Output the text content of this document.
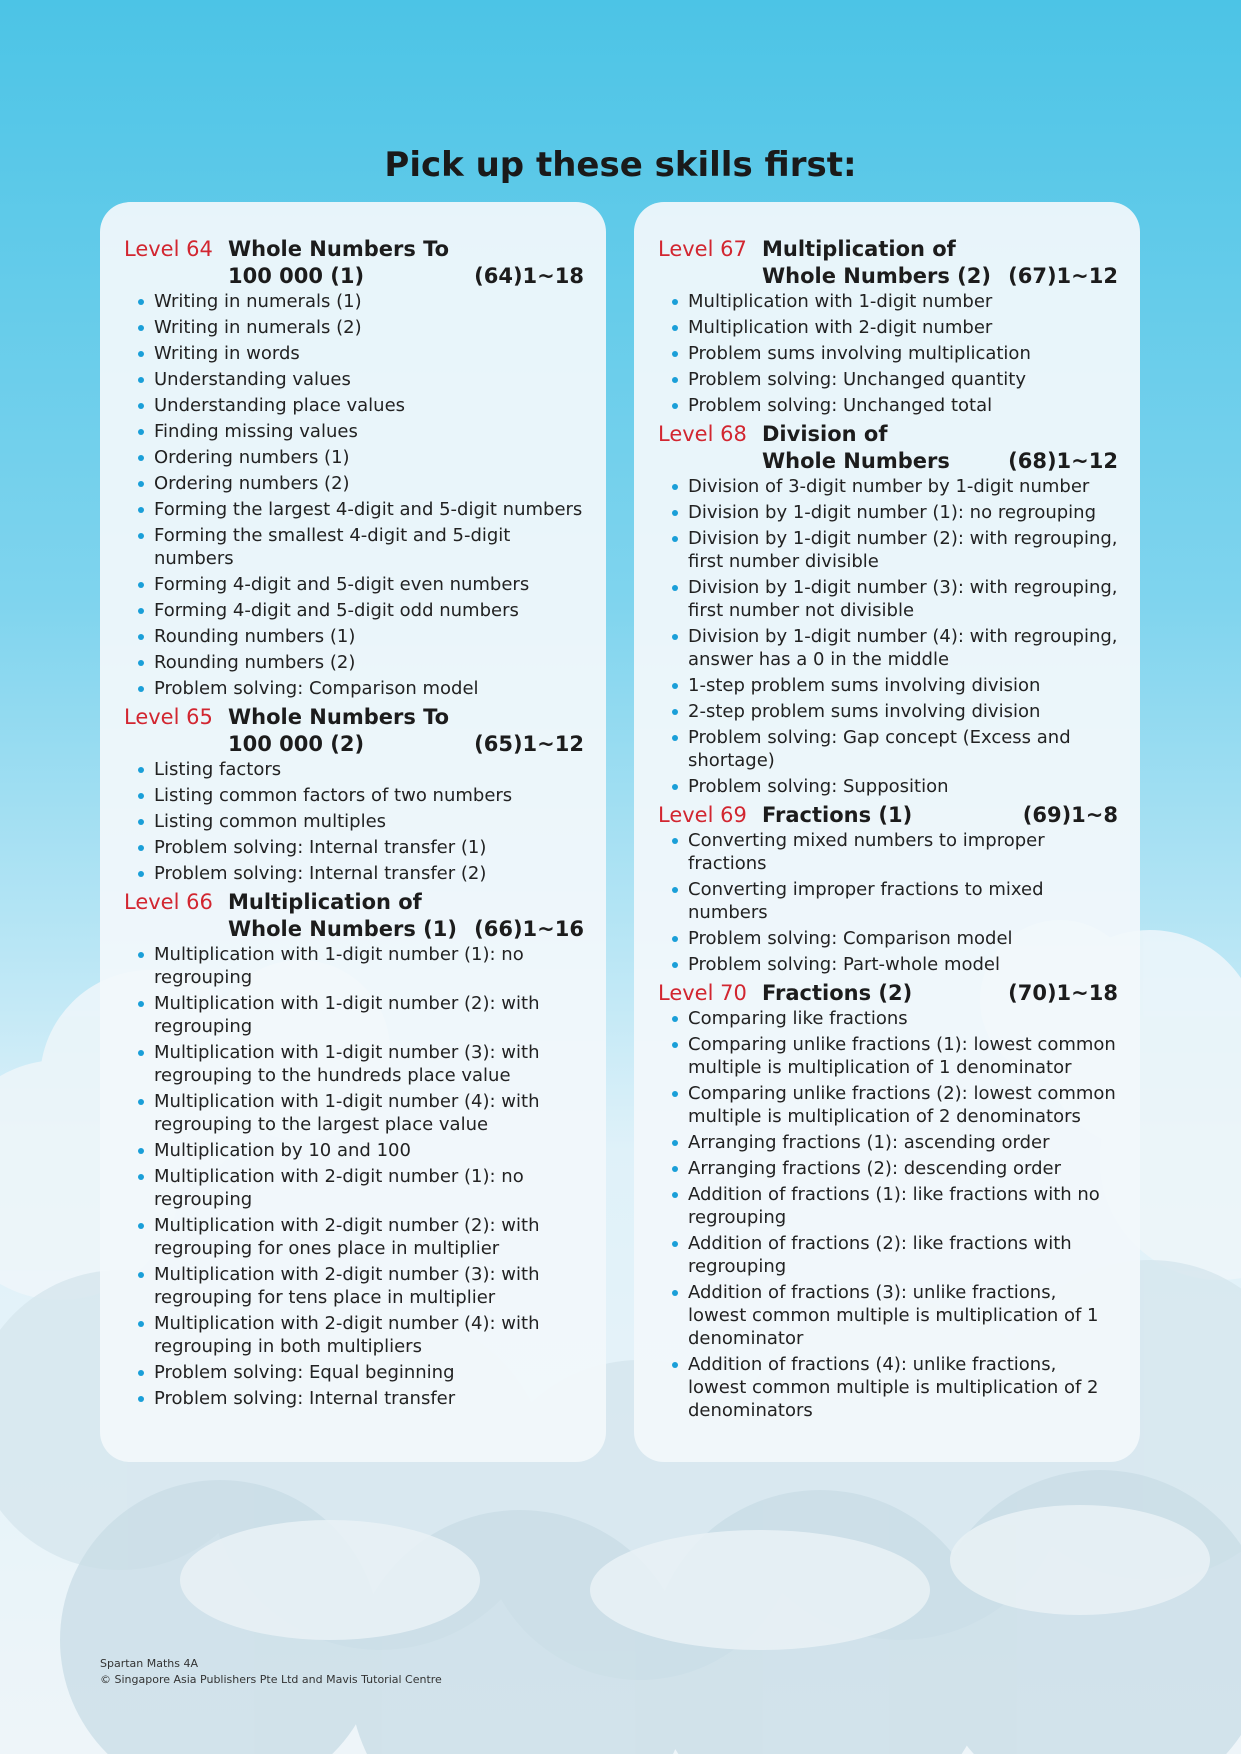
Pick up these skills first:
Level 64 Whole Numbers To
100 000 (1)	(64)1~18
Writing in numerals (1)
Writing in numerals (2)
Writing in words
Understanding values
Understanding place values
Finding missing values
Ordering numbers (1)
Ordering numbers (2)
Forming the largest 4-digit and 5-digit numbers
Forming the smallest 4-digit and 5-digit numbers
Forming 4-digit and 5-digit even numbers
Forming 4-digit and 5-digit odd numbers
Rounding numbers (1)
Rounding numbers (2)
Problem solving: Comparison model
Level 65 Whole Numbers To
100 000 (2)	(65)1~12
Listing factors
Listing common factors of two numbers
Listing common multiples
Problem solving: Internal transfer (1)
Problem solving: Internal transfer (2)
Level 66 Multiplication of
Whole Numbers (1) (66)1~16
Multiplication with 1-digit number (1): no regrouping
Multiplication with 1-digit number (2): with regrouping
Multiplication with 1-digit number (3): with regrouping to the hundreds place value
Multiplication with 1-digit number (4): with regrouping to the largest place value
Multiplication by 10 and 100
Multiplication with 2-digit number (1): no regrouping
Multiplication with 2-digit number (2): with regrouping for ones place in multiplier
Multiplication with 2-digit number (3): with regrouping for tens place in multiplier
Multiplication with 2-digit number (4): with regrouping in both multipliers
Problem solving: Equal beginning
Problem solving: Internal transfer
Level 67 Multiplication of
Whole Numbers (2) (67)1~12
Multiplication with 1-digit number
Multiplication with 2-digit number
Problem sums involving multiplication
Problem solving: Unchanged quantity
Problem solving: Unchanged total
Level 68 Division of
Whole Numbers	(68)1~12
Division of 3-digit number by 1-digit number
Division by 1-digit number (1): no regrouping
Division by 1-digit number (2): with regrouping, first number divisible
Division by 1-digit number (3): with regrouping, first number not divisible
Division by 1-digit number (4): with regrouping, answer has a 0 in the middle
1-step problem sums involving division
2-step problem sums involving division
Problem solving: Gap concept (Excess and shortage)
Problem solving: Supposition
Level 69 Fractions (1)	(69)1~8
Converting mixed numbers to improper fractions
Converting improper fractions to mixed numbers
Problem solving: Comparison model
Problem solving: Part-whole model
Level 70 Fractions (2)	(70)1~18
Comparing like fractions
Comparing unlike fractions (1): lowest common multiple is multiplication of 1 denominator
Comparing unlike fractions (2): lowest common multiple is multiplication of 2 denominators
Arranging fractions (1): ascending order
Arranging fractions (2): descending order
Addition of fractions (1): like fractions with no regrouping
Addition of fractions (2): like fractions with regrouping
Addition of fractions (3): unlike fractions, lowest common multiple is multiplication of 1 denominator
Addition of fractions (4): unlike fractions, lowest common multiple is multiplication of 2 denominators
Spartan Maths 4A
© Singapore Asia Publishers Pte Ltd and Mavis Tutorial Centre
